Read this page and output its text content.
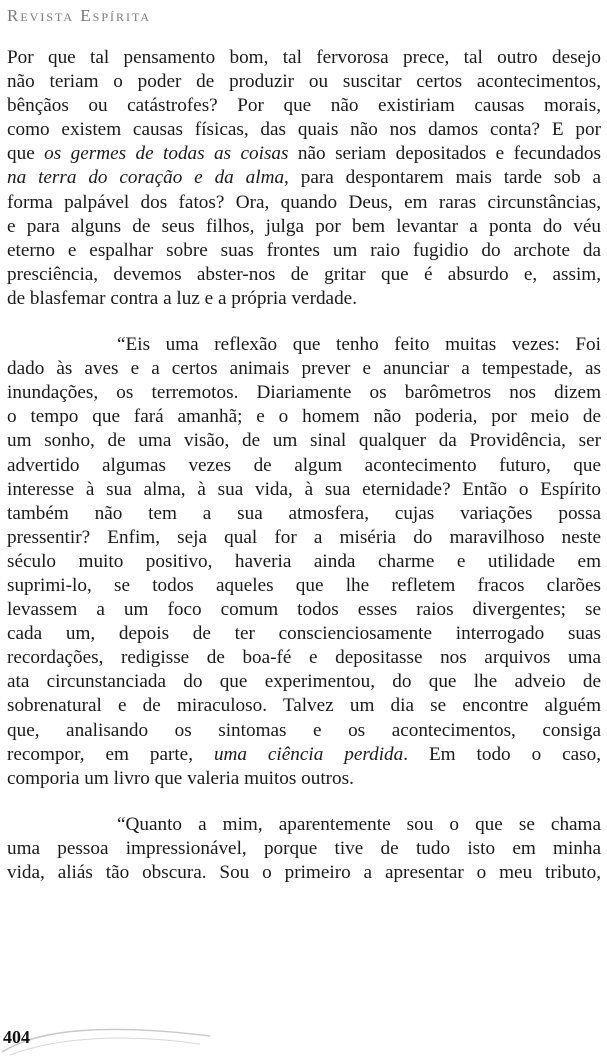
Revista Espírita

Por que tal pensamento bom, tal fervorosa prece, tal outro desejo
não teriam o poder de produzir ou suscitar certos acontecimentos,
bênçãos ou catástrofes? Por que não existiriam causas morais,
como existem causas físicas, das quais não nos damos conta? E por
que os germes de todas as coisas não seriam depositados e fecundados
na terra do coração e da alma, para despontarem mais tarde sob a
forma palpável dos fatos? Ora, quando Deus, em raras circunstâncias,
e para alguns de seus filhos, julga por bem levantar a ponta do véu
eterno e espalhar sobre suas frontes um raio fugidio do archote da
presciência, devemos abster-nos de gritar que é absurdo e, assim,
de blasfemar contra a luz e a própria verdade.

“Eis uma reflexão que tenho feito muitas vezes: Foi
dado às aves e a certos animais prever e anunciar a tempestade, as
inundações, os terremotos. Diariamente os barômetros nos dizem
o tempo que fará amanhã; e o homem não poderia, por meio de
um sonho, de uma visão, de um sinal qualquer da Providência, ser
advertido algumas vezes de algum acontecimento futuro, que
interesse à sua alma, à sua vida, à sua eternidade? Então o Espírito
também não tem a sua atmosfera, cujas variações possa
pressentir? Enfim, seja qual for a miséria do maravilhoso neste
século muito positivo, haveria ainda charme e utilidade em
suprimi-lo, se todos aqueles que lhe refletem fracos clarões
levassem a um foco comum todos esses raios divergentes; se
cada um, depois de ter conscienciosamente interrogado suas
recordações, redigisse de boa-fé e depositasse nos arquivos uma
ata circunstanciada do que experimentou, do que lhe adveio de
sobrenatural e de miraculoso. Talvez um dia se encontre alguém
que, analisando os sintomas e os acontecimentos, consiga
recompor, em parte, uma ciência perdida. Em todo o caso,
comporia um livro que valeria muitos outros.

“Quanto a mim, aparentemente sou o que se chama
uma pessoa impressionável, porque tive de tudo isto em minha
vida, aliás tão obscura. Sou o primeiro a apresentar o meu tributo,

404
